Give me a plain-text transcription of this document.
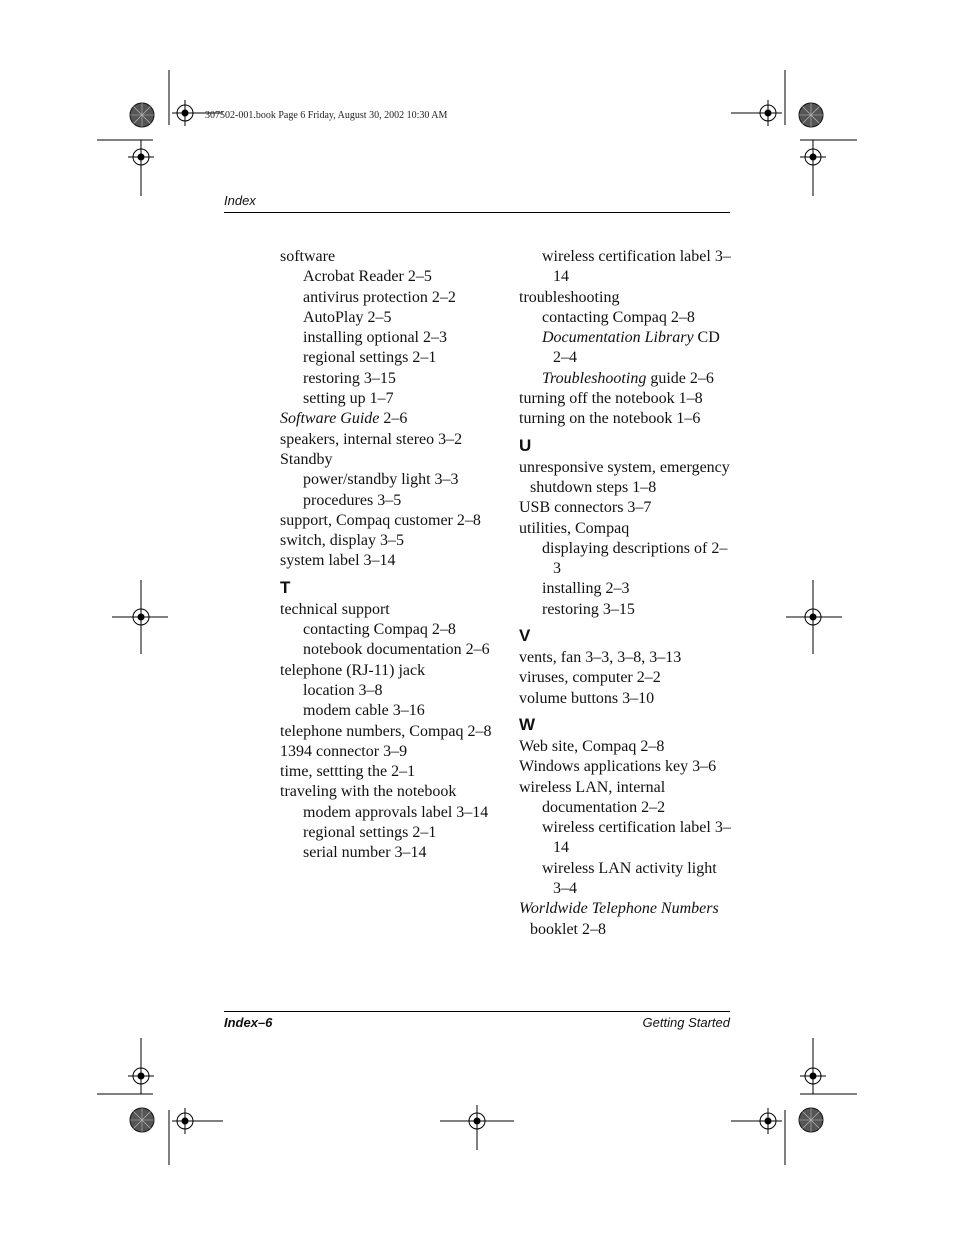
307502-001.book Page 6 Friday, August 30, 2002 10:30 AM
Index
software
Acrobat Reader 2–5
antivirus protection 2–2
AutoPlay 2–5
installing optional 2–3
regional settings 2–1
restoring 3–15
setting up 1–7
Software Guide 2–6
speakers, internal stereo 3–2
Standby
power/standby light 3–3
procedures 3–5
support, Compaq customer 2–8
switch, display 3–5
system label 3–14
T
technical support
contacting Compaq 2–8
notebook documentation 2–6
telephone (RJ-11) jack
location 3–8
modem cable 3–16
telephone numbers, Compaq 2–8
1394 connector 3–9
time, settting the 2–1
traveling with the notebook
modem approvals label 3–14
regional settings 2–1
serial number 3–14
wireless certification label 3–14
troubleshooting
contacting Compaq 2–8
Documentation Library CD 2–4
Troubleshooting guide 2–6
turning off the notebook 1–8
turning on the notebook 1–6
U
unresponsive system, emergency shutdown steps 1–8
USB connectors 3–7
utilities, Compaq
displaying descriptions of 2–3
installing 2–3
restoring 3–15
V
vents, fan 3–3, 3–8, 3–13
viruses, computer 2–2
volume buttons 3–10
W
Web site, Compaq 2–8
Windows applications key 3–6
wireless LAN, internal
documentation 2–2
wireless certification label 3–14
wireless LAN activity light 3–4
Worldwide Telephone Numbers booklet 2–8
Index–6	Getting Started
